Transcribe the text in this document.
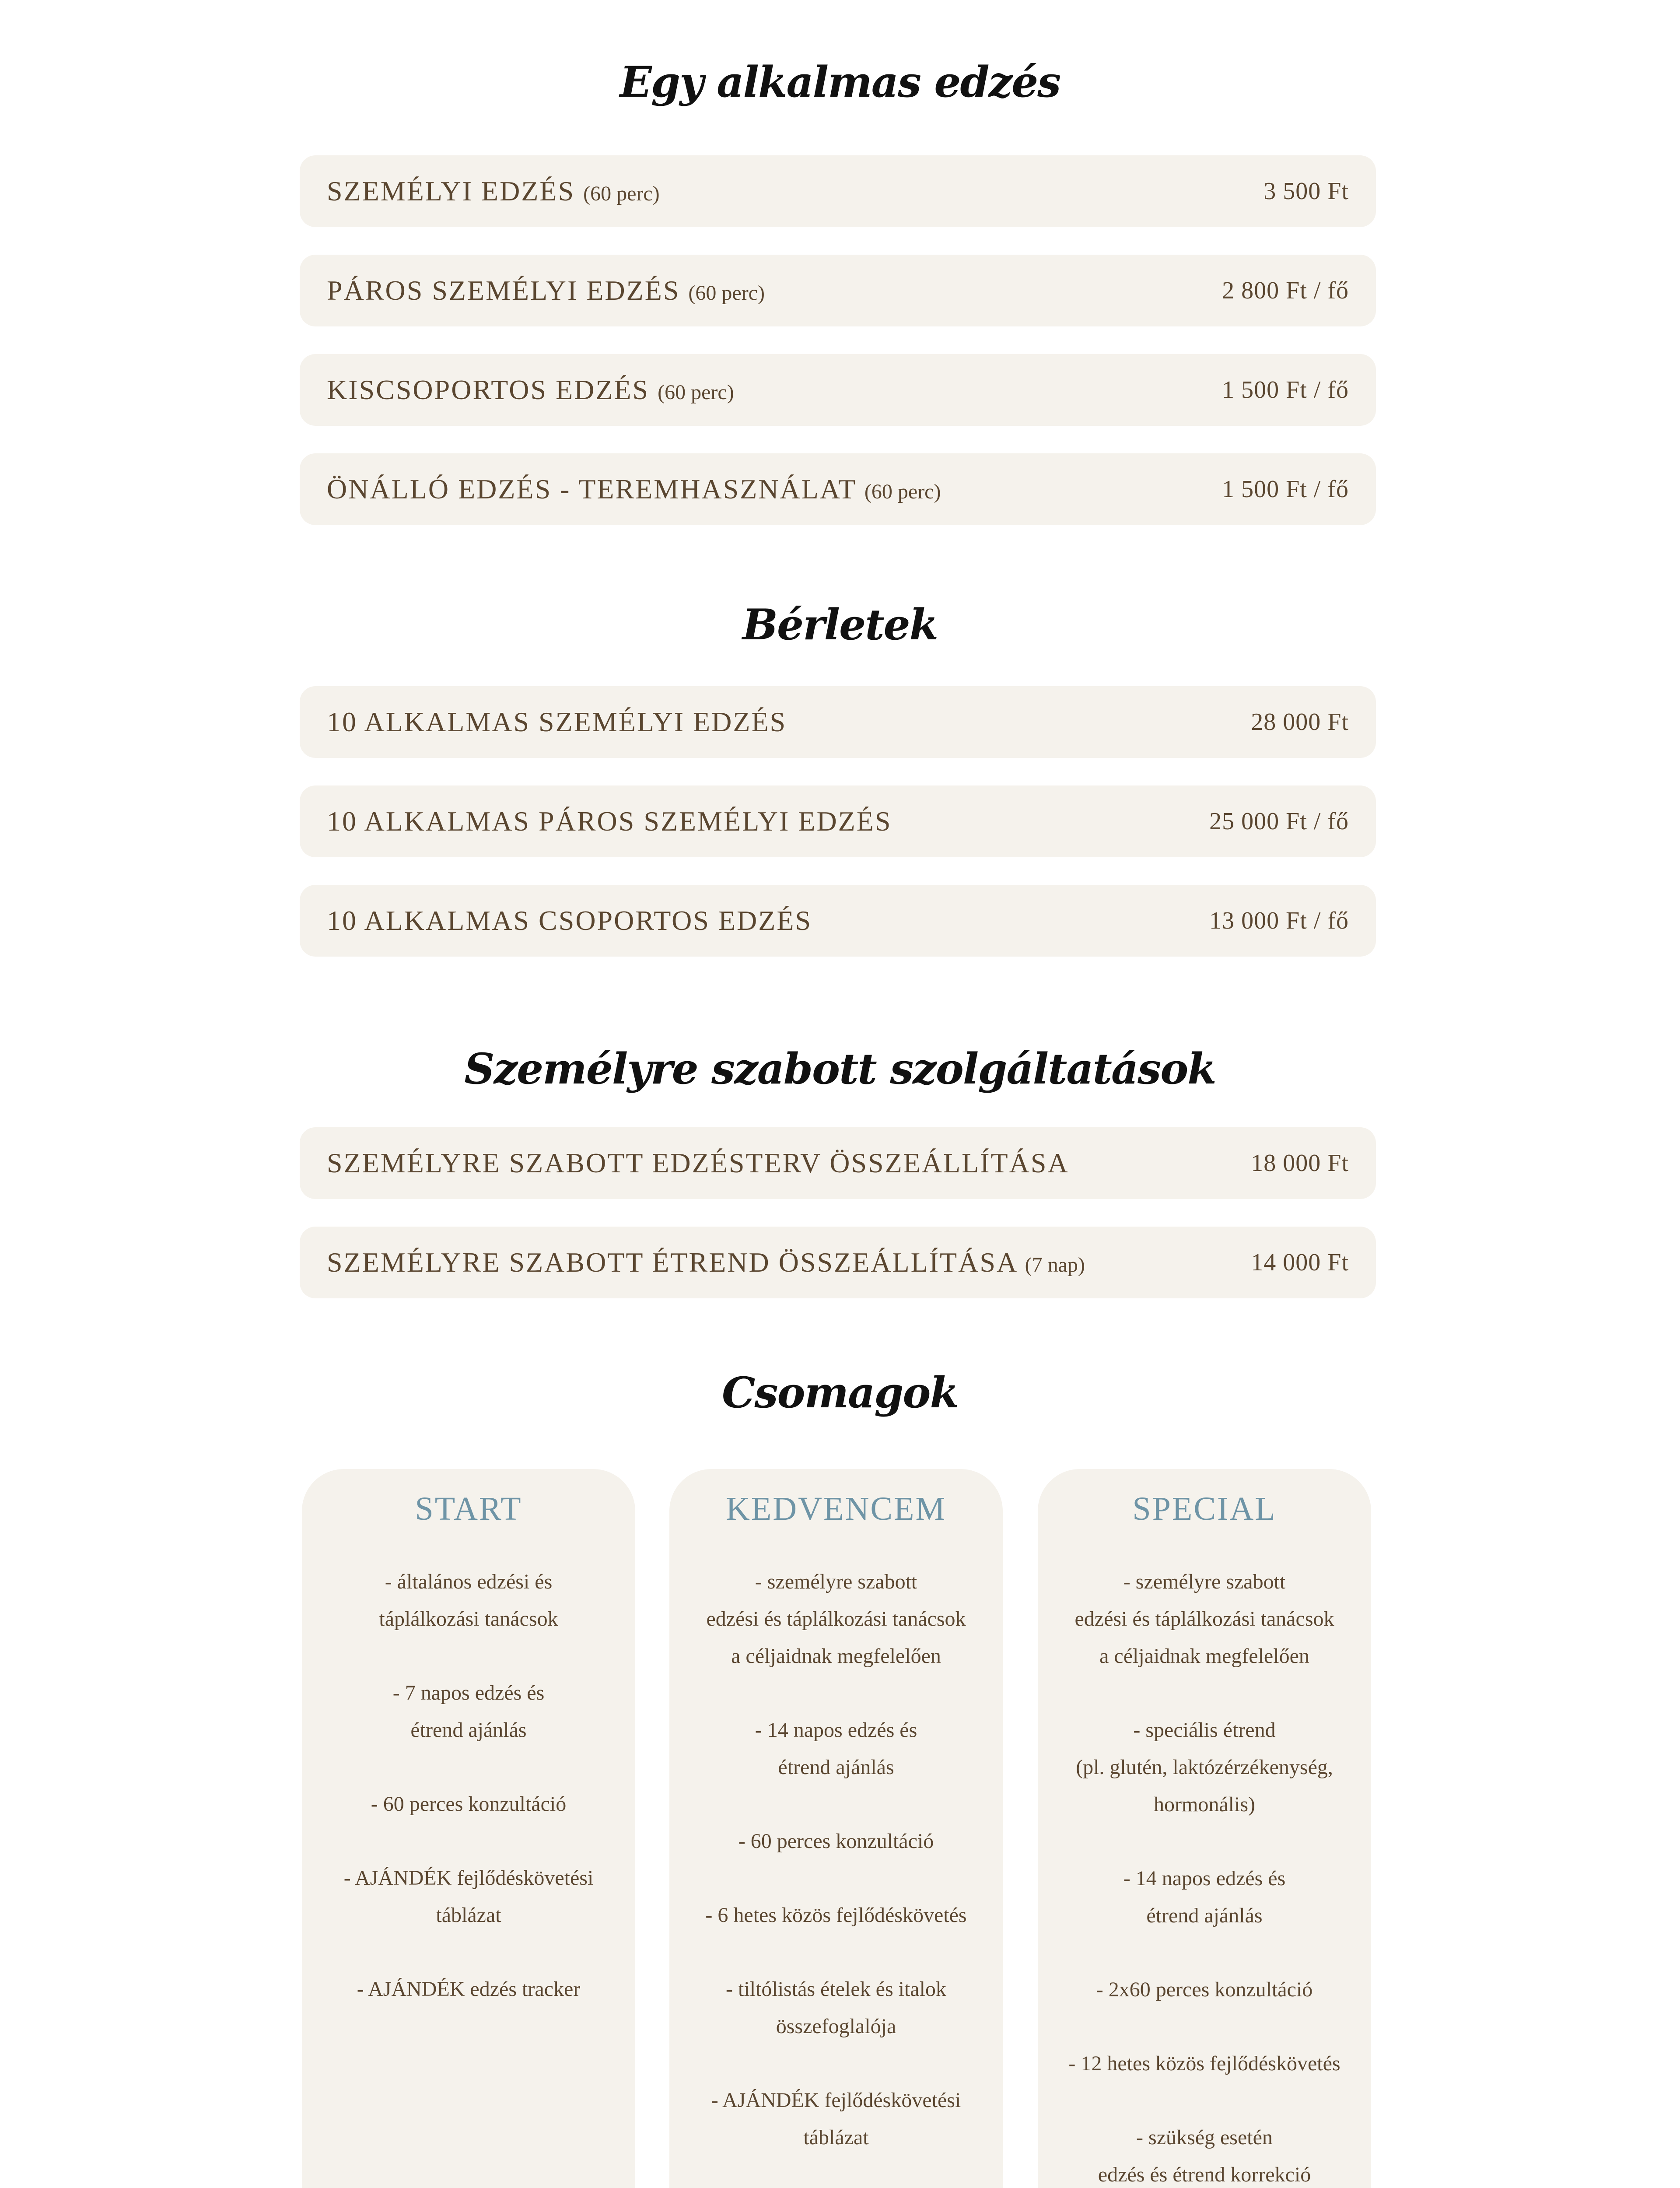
Egy alkalmas edzés
SZEMÉLYI EDZÉS (60 perc)	3 500 Ft
PÁROS SZEMÉLYI EDZÉS (60 perc)	2 800 Ft / fő
KISCSOPORTOS EDZÉS (60 perc)	1 500 Ft / fő
ÖNÁLLÓ EDZÉS - TEREMHASZNÁLAT (60 perc)	1 500 Ft / fő
Bérletek
10 ALKALMAS SZEMÉLYI EDZÉS	28 000 Ft
10 ALKALMAS PÁROS SZEMÉLYI EDZÉS	25 000 Ft / fő
10 ALKALMAS CSOPORTOS EDZÉS	13 000 Ft / fő
Személyre szabott szolgáltatások
SZEMÉLYRE SZABOTT EDZÉSTERV ÖSSZEÁLLÍTÁSA	18 000 Ft
SZEMÉLYRE SZABOTT ÉTREND ÖSSZEÁLLÍTÁSA (7 nap)	14 000 Ft
Csomagok
START
- általános edzési és
táplálkozási tanácsok
- 7 napos edzés és
étrend ajánlás
- 60 perces konzultáció
- AJÁNDÉK fejlődéskövetési
táblázat
- AJÁNDÉK edzés tracker
KEDVENCEM
- személyre szabott
edzési és táplálkozási tanácsok
a céljaidnak megfelelően
- 14 napos edzés és
étrend ajánlás
- 60 perces konzultáció
- 6 hetes közös fejlődéskövetés
- tiltólistás ételek és italok
összefoglalója
- AJÁNDÉK fejlődéskövetési
táblázat
SPECIAL
- személyre szabott
edzési és táplálkozási tanácsok
a céljaidnak megfelelően
- speciális étrend
(pl. glutén, laktózérzékenység,
hormonális)
- 14 napos edzés és
étrend ajánlás
- 2x60 perces konzultáció
- 12 hetes közös fejlődéskövetés
- szükség esetén
edzés és étrend korrekció
